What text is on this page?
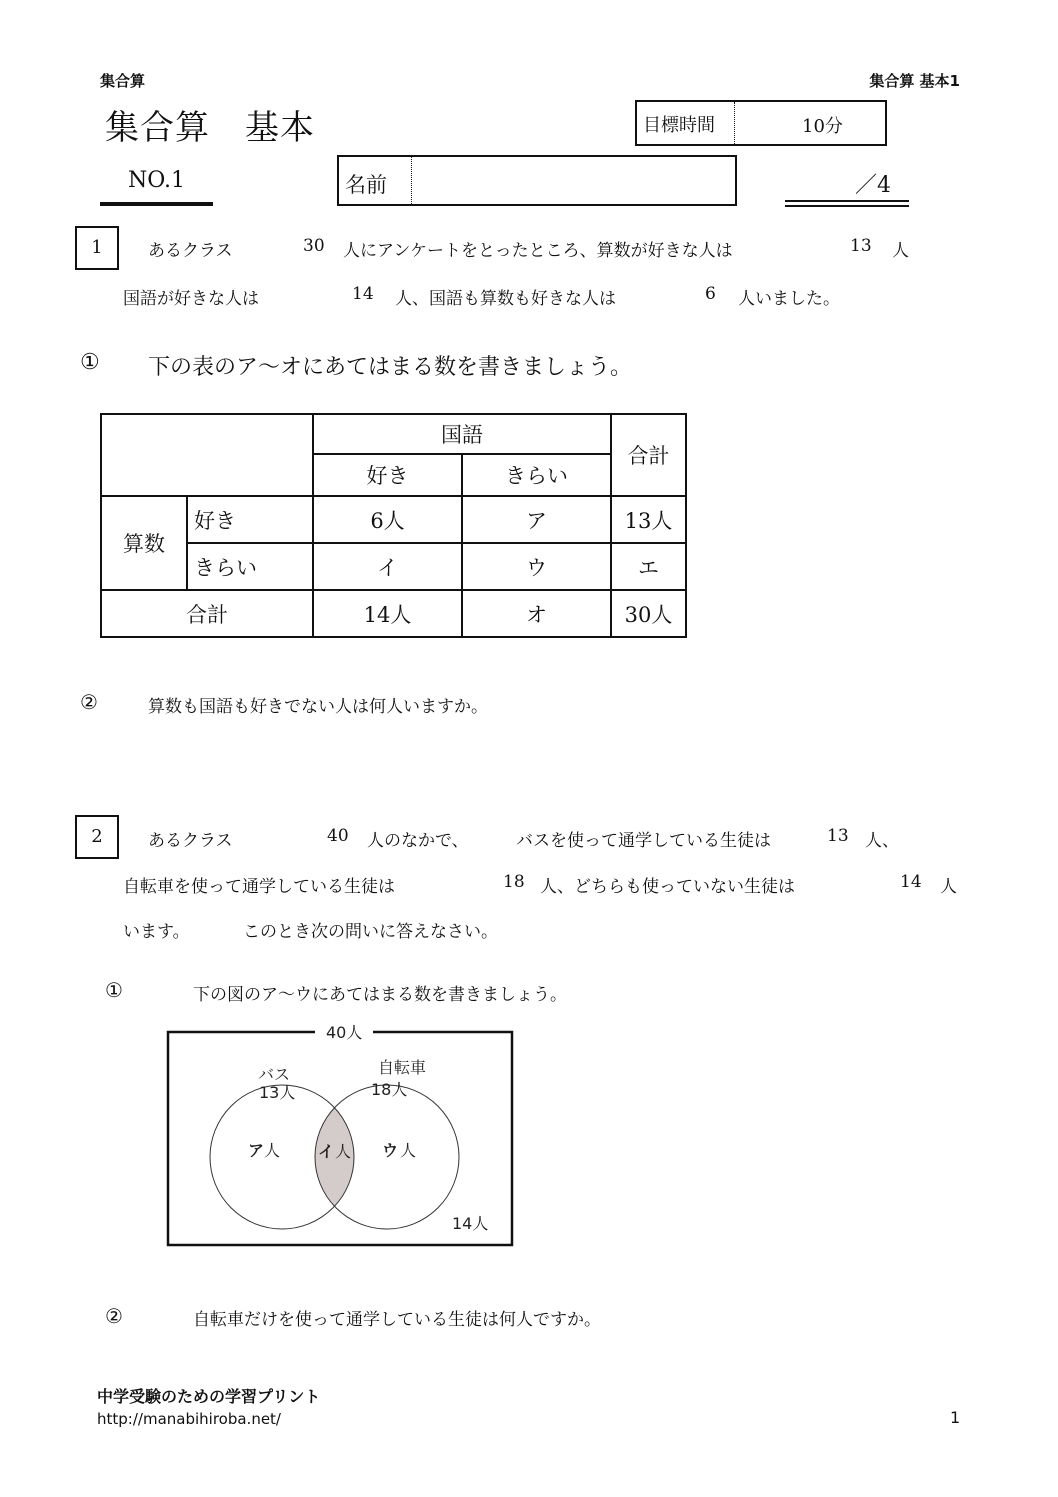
集合算	集合算 基本1
集合算　基本	目標時間	10分
NO.1	名前	／4
1	あるクラス	30 人にアンケートをとったところ、算数が好きな人は	13 人
国語が好きな人は	14 人、国語も算数も好きな人は	6 人いました。
① 下の表のア～オにあてはまる数を書きましょう。
		国語		合計
		好き	きらい	
算数	好き	6人	ア	13人
	きらい	イ	ウ	エ
合計		14人	オ	30人
②	算数も国語も好きでない人は何人いますか。
2	あるクラス	40 人のなかで、	バスを使って通学している生徒は	13 人、
自転車を使って通学している生徒は	18 人、どちらも使っていない生徒は	14 人
います。	このとき次の問いに答えなさい。
①	下の図のア～ウにあてはまる数を書きましょう。
40人
バス
13人
自転車
18人
ア 人 イ 人 ウ 人
14人
②	自転車だけを使って通学している生徒は何人ですか。
中学受験のための学習プリント
http://manabihiroba.net/	1
